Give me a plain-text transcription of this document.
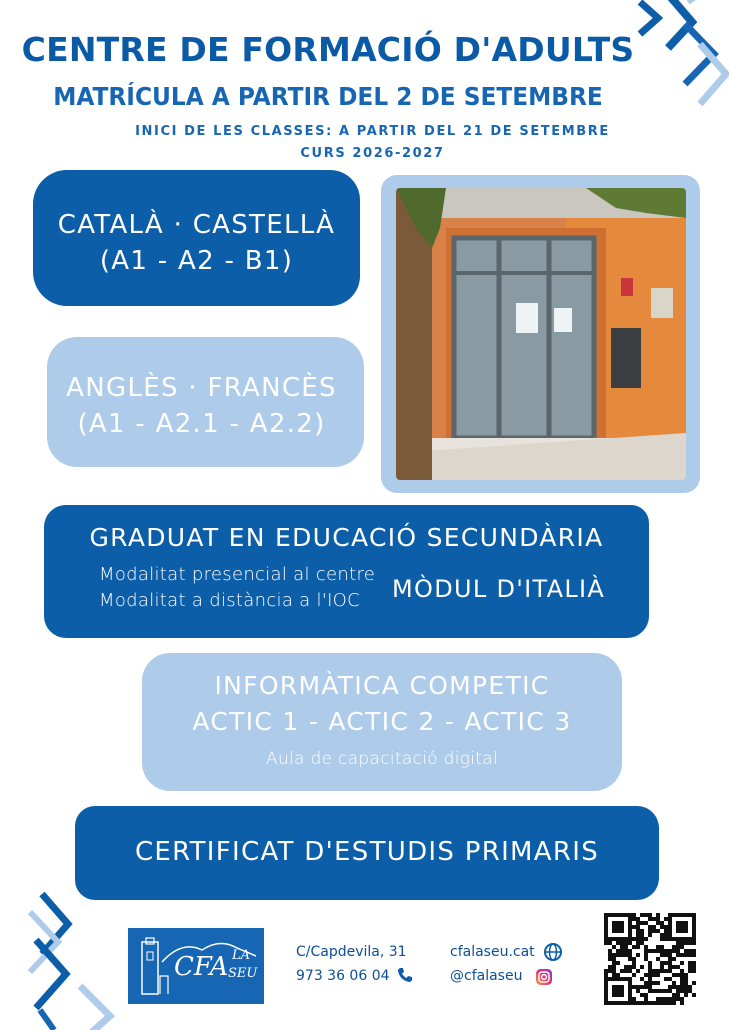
CENTRE DE FORMACIÓ D'ADULTS
MATRÍCULA A PARTIR DEL 2 DE SETEMBRE
INICI DE LES CLASSES: A PARTIR DEL 21 DE SETEMBRE
CURS 2026-2027
CATALÀ · CASTELLÀ
(A1 - A2 - B1)
ANGLÈS · FRANCÈS
(A1 - A2.1 - A2.2)
GRADUAT EN EDUCACIÓ SECUNDÀRIA
Modalitat presencial al centre
Modalitat a distància a l'IOC MÒDUL D'ITALIÀ
INFORMÀTICA COMPETIC
ACTIC 1 - ACTIC 2 - ACTIC 3
Aula de capacitació digital
CERTIFICAT D'ESTUDIS PRIMARIS
CFA LA
SEU
C/Capdevila, 31
973 36 06 04
cfalaseu.cat
@cfalaseu
